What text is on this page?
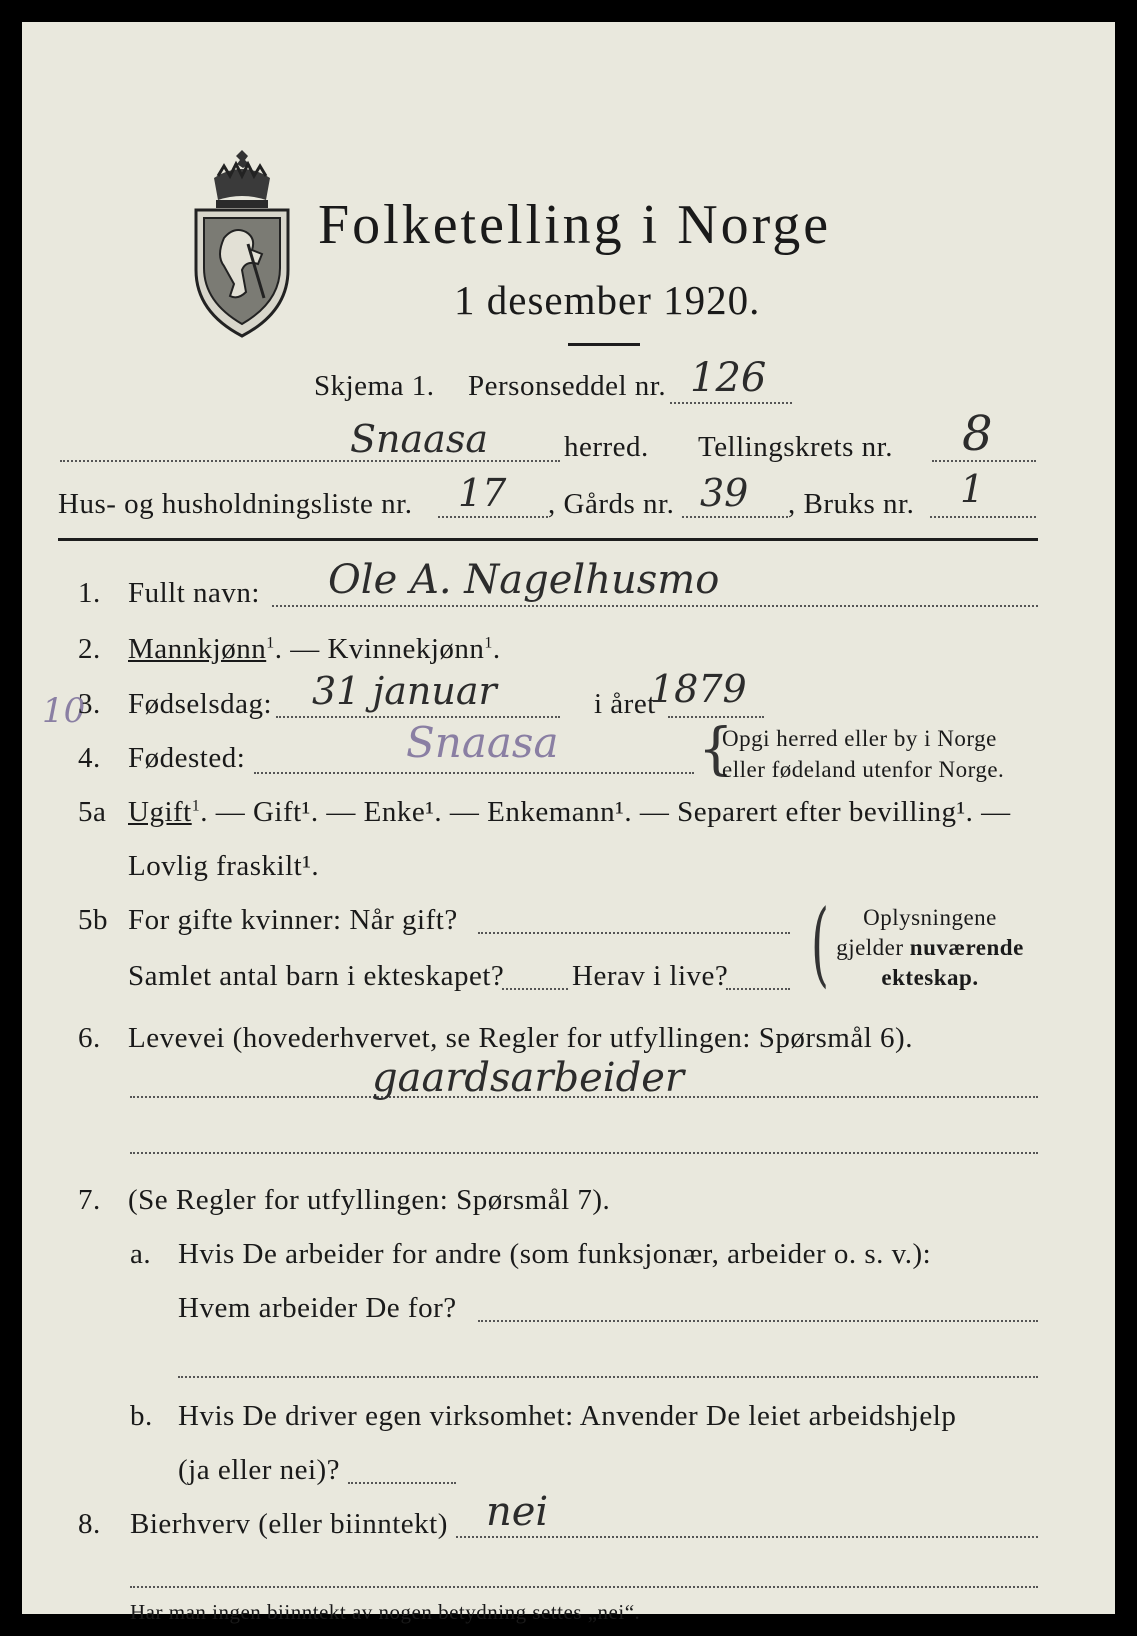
Folketelling i Norge
1 desember 1920.
Skjema 1. Personseddel nr. 126
Snaasa	herred. Tellingskrets nr. 8
Hus- og husholdningsliste nr. 17 , Gårds nr. 39 , Bruks nr. 1
1. Fullt navn: Ole A. Nagelhusmo
2. Mannkjønn$^1$. — Kvinnekjønn$^1$.
10
3. Fødselsdag: 31 januar	i året
1879
4. Fødested:	Snaasa {
Opgi herred eller by i Norge
eller fødeland utenfor Norge.
5a Ugift$^1$. — Gift¹. — Enke¹. — Enkemann¹. — Separert efter bevilling¹. —
Lovlig fraskilt¹.
5b For gifte kvinner: Når gift?
Samlet antal barn i ekteskapet? Herav i live? (	Oplysningene
gjelder nuværende
ekteskap.
6. Levevei (hovederhvervet, se Regler for utfyllingen: Spørsmål 6).
gaardsarbeider
7. (Se Regler for utfyllingen: Spørsmål 7).
a. Hvis De arbeider for andre (som funksjonær, arbeider o. s. v.):
Hvem arbeider De for?
b. Hvis De driver egen virksomhet: Anvender De leiet arbeidshjelp
(ja eller nei)?
8. Bierhverv (eller biinntekt) nei
Har man ingen biinntekt av nogen betydning settes „nei“.
